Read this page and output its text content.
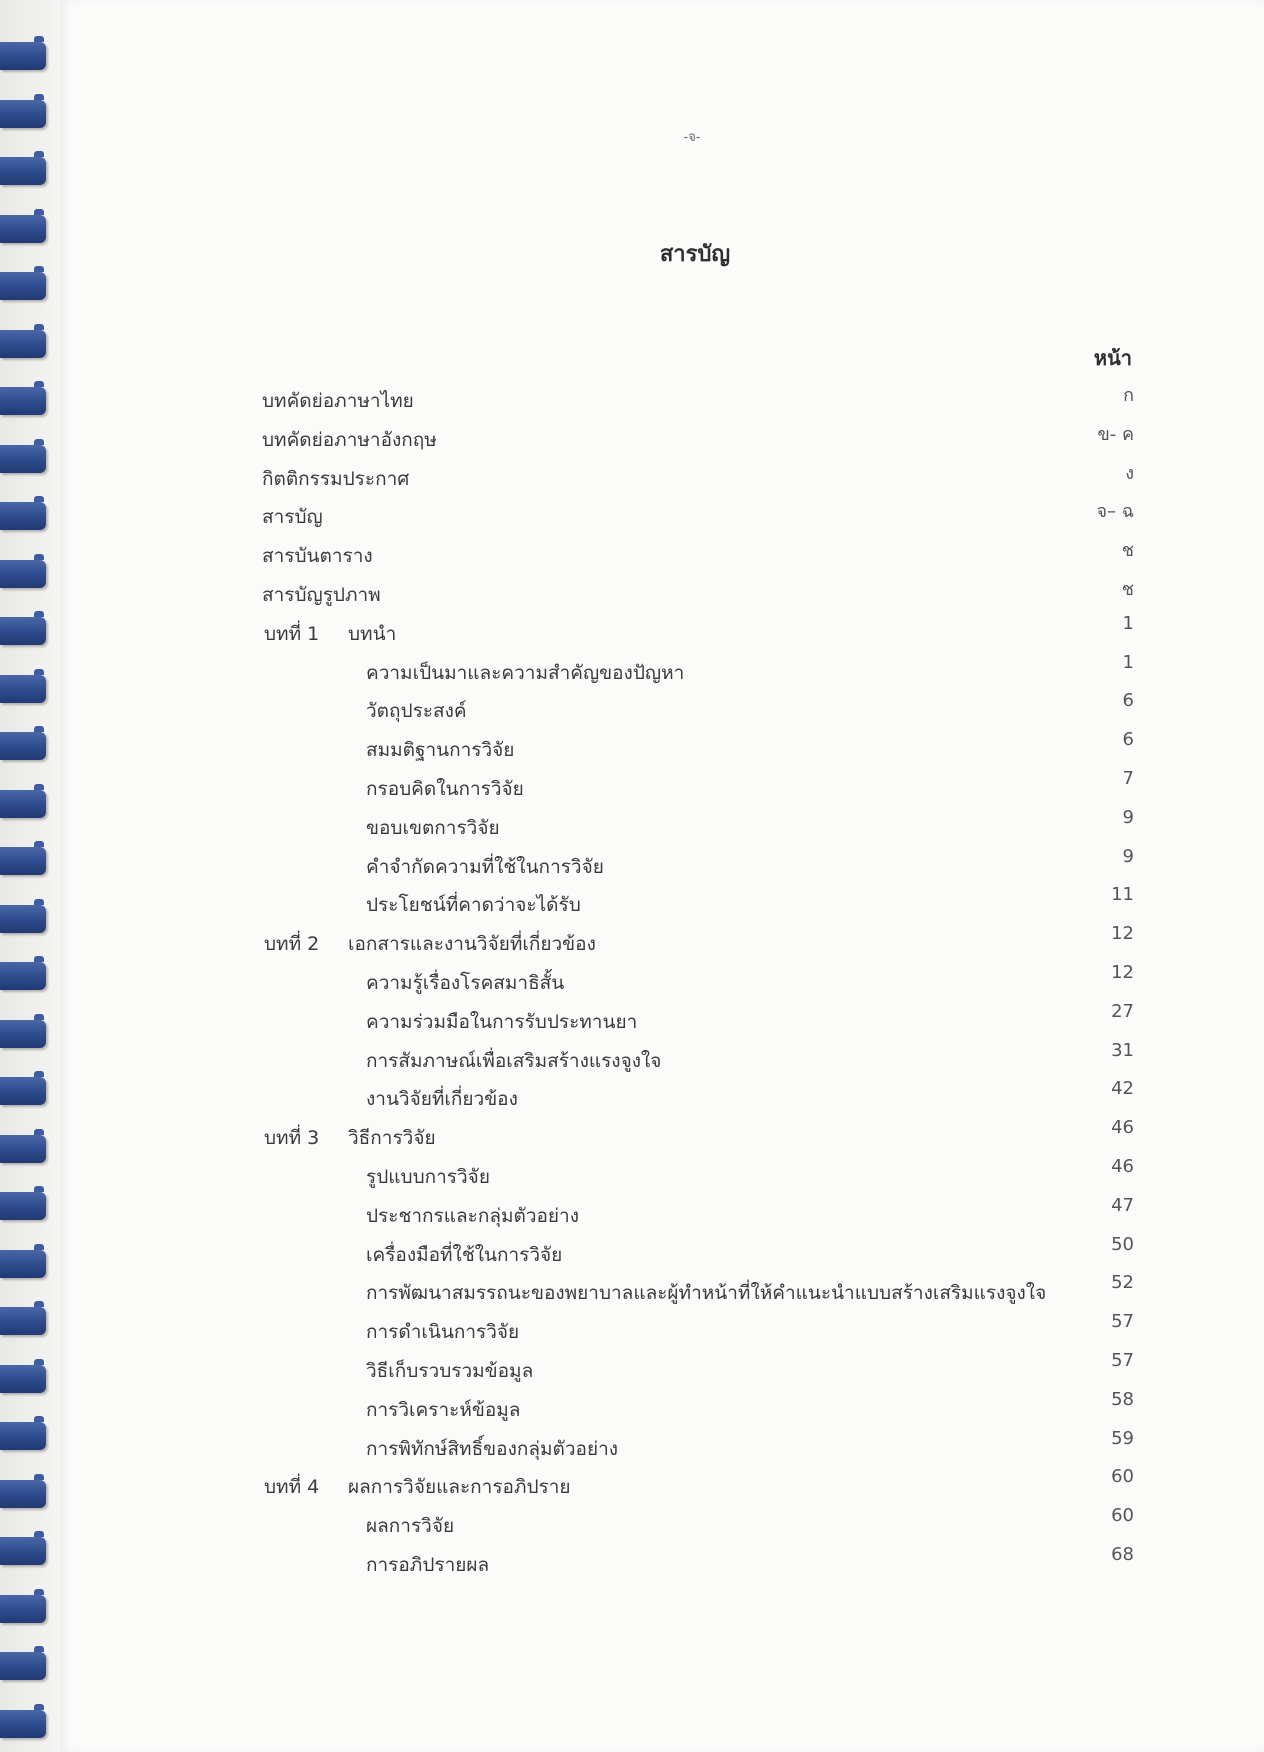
-จ-
สารบัญ
หน้า
บทคัดย่อภาษาไทย	ก
บทคัดย่อภาษาอังกฤษ	ข- ค
กิตติกรรมประกาศ	ง
สารบัญ	จ– ฉ
สารบันตาราง	ช
สารบัญรูปภาพ	ช
บทที่ 1 บทนำ	1
ความเป็นมาและความสำคัญของปัญหา	1
วัตถุประสงค์	6
สมมติฐานการวิจัย	6
กรอบคิดในการวิจัย	7
ขอบเขตการวิจัย	9
คำจำกัดความที่ใช้ในการวิจัย	9
ประโยชน์ที่คาดว่าจะได้รับ	11
บทที่ 2 เอกสารและงานวิจัยที่เกี่ยวข้อง	12
ความรู้เรื่องโรคสมาธิสั้น	12
ความร่วมมือในการรับประทานยา	27
การสัมภาษณ์เพื่อเสริมสร้างแรงจูงใจ	31
งานวิจัยที่เกี่ยวข้อง	42
บทที่ 3 วิธีการวิจัย	46
รูปแบบการวิจัย	46
ประชากรและกลุ่มตัวอย่าง	47
เครื่องมือที่ใช้ในการวิจัย	50
การพัฒนาสมรรถนะของพยาบาลและผู้ทำหน้าที่ให้คำแนะนำแบบสร้างเสริมแรงจูงใจ	52
การดำเนินการวิจัย	57
วิธีเก็บรวบรวมข้อมูล	57
การวิเคราะห์ข้อมูล	58
การพิทักษ์สิทธิ์ของกลุ่มตัวอย่าง	59
บทที่ 4 ผลการวิจัยและการอภิปราย	60
ผลการวิจัย	60
การอภิปรายผล	68
